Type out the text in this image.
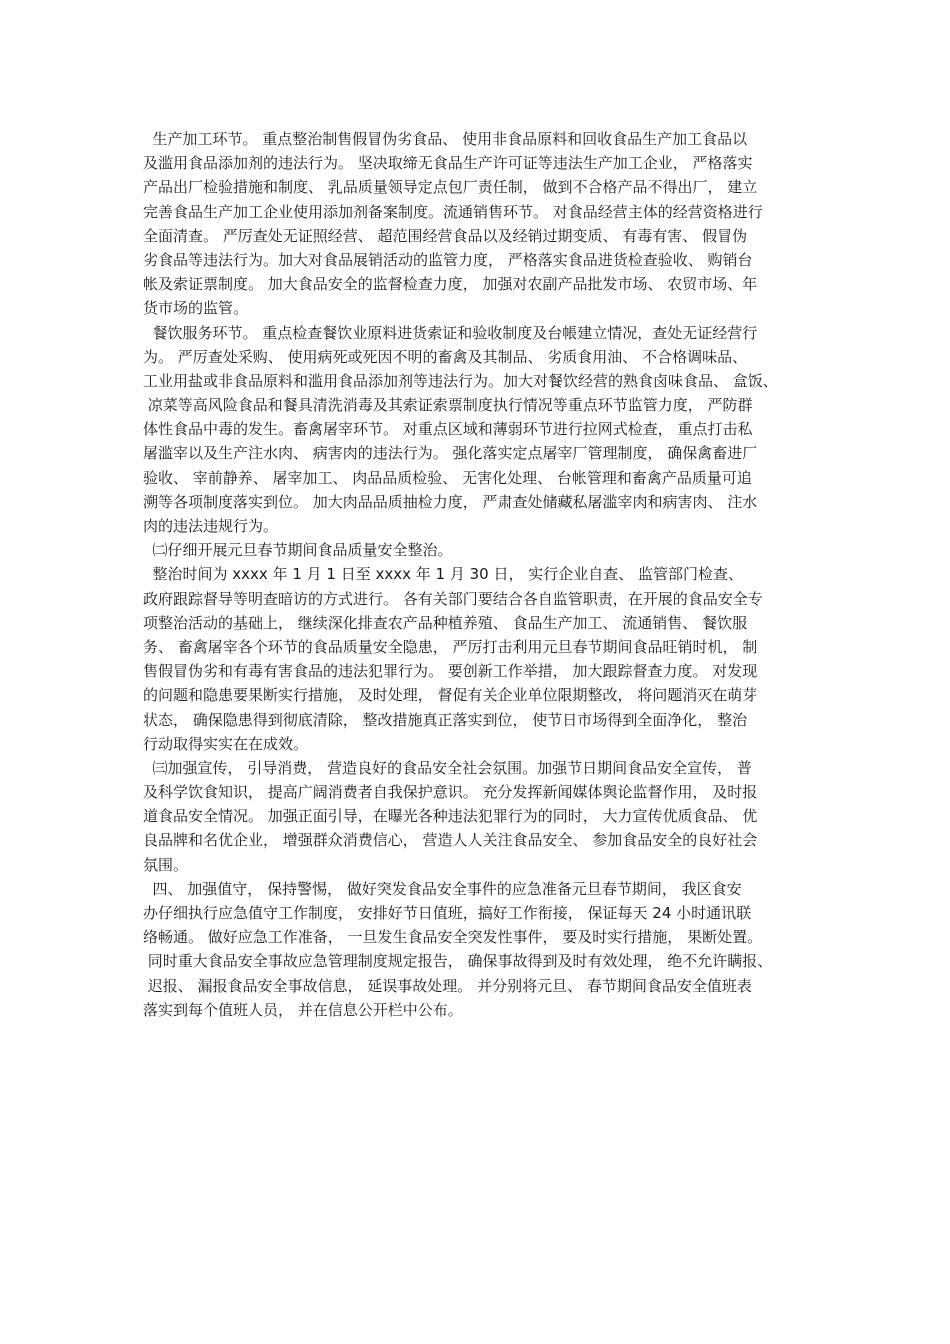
生产加工环节。 重点整治制售假冒伪劣食品、 使用非食品原料和回收食品生产加工食品以
及滥用食品添加剂的违法行为。 坚决取缔无食品生产许可证等违法生产加工企业， 严格落实
产品出厂检验措施和制度、 乳品质量领导定点包厂责任制， 做到不合格产品不得出厂， 建立
完善食品生产加工企业使用添加剂备案制度。流通销售环节。 对食品经营主体的经营资格进行
全面清查。 严厉查处无证照经营、 超范围经营食品以及经销过期变质、 有毒有害、 假冒伪
劣食品等违法行为。加大对食品展销活动的监管力度， 严格落实食品进货检查验收、 购销台
帐及索证票制度。 加大食品安全的监督检查力度， 加强对农副产品批发市场、 农贸市场、年
货市场的监管。
餐饮服务环节。 重点检查餐饮业原料进货索证和验收制度及台帳建立情况，查处无证经营行
为。 严厉查处采购、 使用病死或死因不明的畜禽及其制品、 劣质食用油、 不合格调味品、
工业用盐或非食品原料和滥用食品添加剂等违法行为。加大对餐饮经营的熟食卤味食品、 盒饭、
凉菜等高风险食品和餐具清洗消毒及其索证索票制度执行情况等重点环节监管力度， 严防群
体性食品中毒的发生。畜禽屠宰环节。 对重点区域和薄弱环节进行拉网式检查， 重点打击私
屠滥宰以及生产注水肉、 病害肉的违法行为。 强化落实定点屠宰厂管理制度， 确保禽畜进厂
验收、 宰前静养、 屠宰加工、 肉品品质检验、 无害化处理、 台帐管理和畜禽产品质量可追
溯等各项制度落实到位。 加大肉品品质抽检力度， 严肃查处储藏私屠滥宰肉和病害肉、 注水
肉的违法违规行为。
㈡仔细开展元旦春节期间食品质量安全整治。
整治时间为 xxxx 年 1 月 1 日至 xxxx 年 1 月 30 日， 实行企业自查、 监管部门检查、
政府跟踪督导等明查暗访的方式进行。 各有关部门要结合各自监管职责，在开展的食品安全专
项整治活动的基础上， 继续深化排查农产品种植养殖、 食品生产加工、 流通销售、 餐饮服
务、 畜禽屠宰各个环节的食品质量安全隐患， 严厉打击利用元旦春节期间食品旺销时机， 制
售假冒伪劣和有毒有害食品的违法犯罪行为。 要创新工作举措， 加大跟踪督查力度。 对发现
的问题和隐患要果断实行措施， 及时处理， 督促有关企业单位限期整改， 将问题消灭在萌芽
状态， 确保隐患得到彻底清除， 整改措施真正落实到位， 使节日市场得到全面净化， 整治
行动取得实实在在成效。
㈢加强宣传， 引导消费， 营造良好的食品安全社会氛围。加强节日期间食品安全宣传， 普
及科学饮食知识， 提高广阔消费者自我保护意识。 充分发挥新闻媒体舆论监督作用， 及时报
道食品安全情况。 加强正面引导，在曝光各种违法犯罪行为的同时， 大力宣传优质食品、 优
良品牌和名优企业， 增强群众消费信心， 营造人人关注食品安全、 参加食品安全的良好社会
氛围。
四、 加强值守， 保持警惕， 做好突发食品安全事件的应急准备元旦春节期间， 我区食安
办仔细执行应急值守工作制度， 安排好节日值班，搞好工作衔接， 保证每天 24 小时通讯联
络畅通。 做好应急工作准备， 一旦发生食品安全突发性事件， 要及时实行措施， 果断处置。
同时重大食品安全事故应急管理制度规定报告， 确保事故得到及时有效处理， 绝不允许瞒报、
迟报、 漏报食品安全事故信息， 延误事故处理。 并分别将元旦、 春节期间食品安全值班表
落实到每个值班人员， 并在信息公开栏中公布。
